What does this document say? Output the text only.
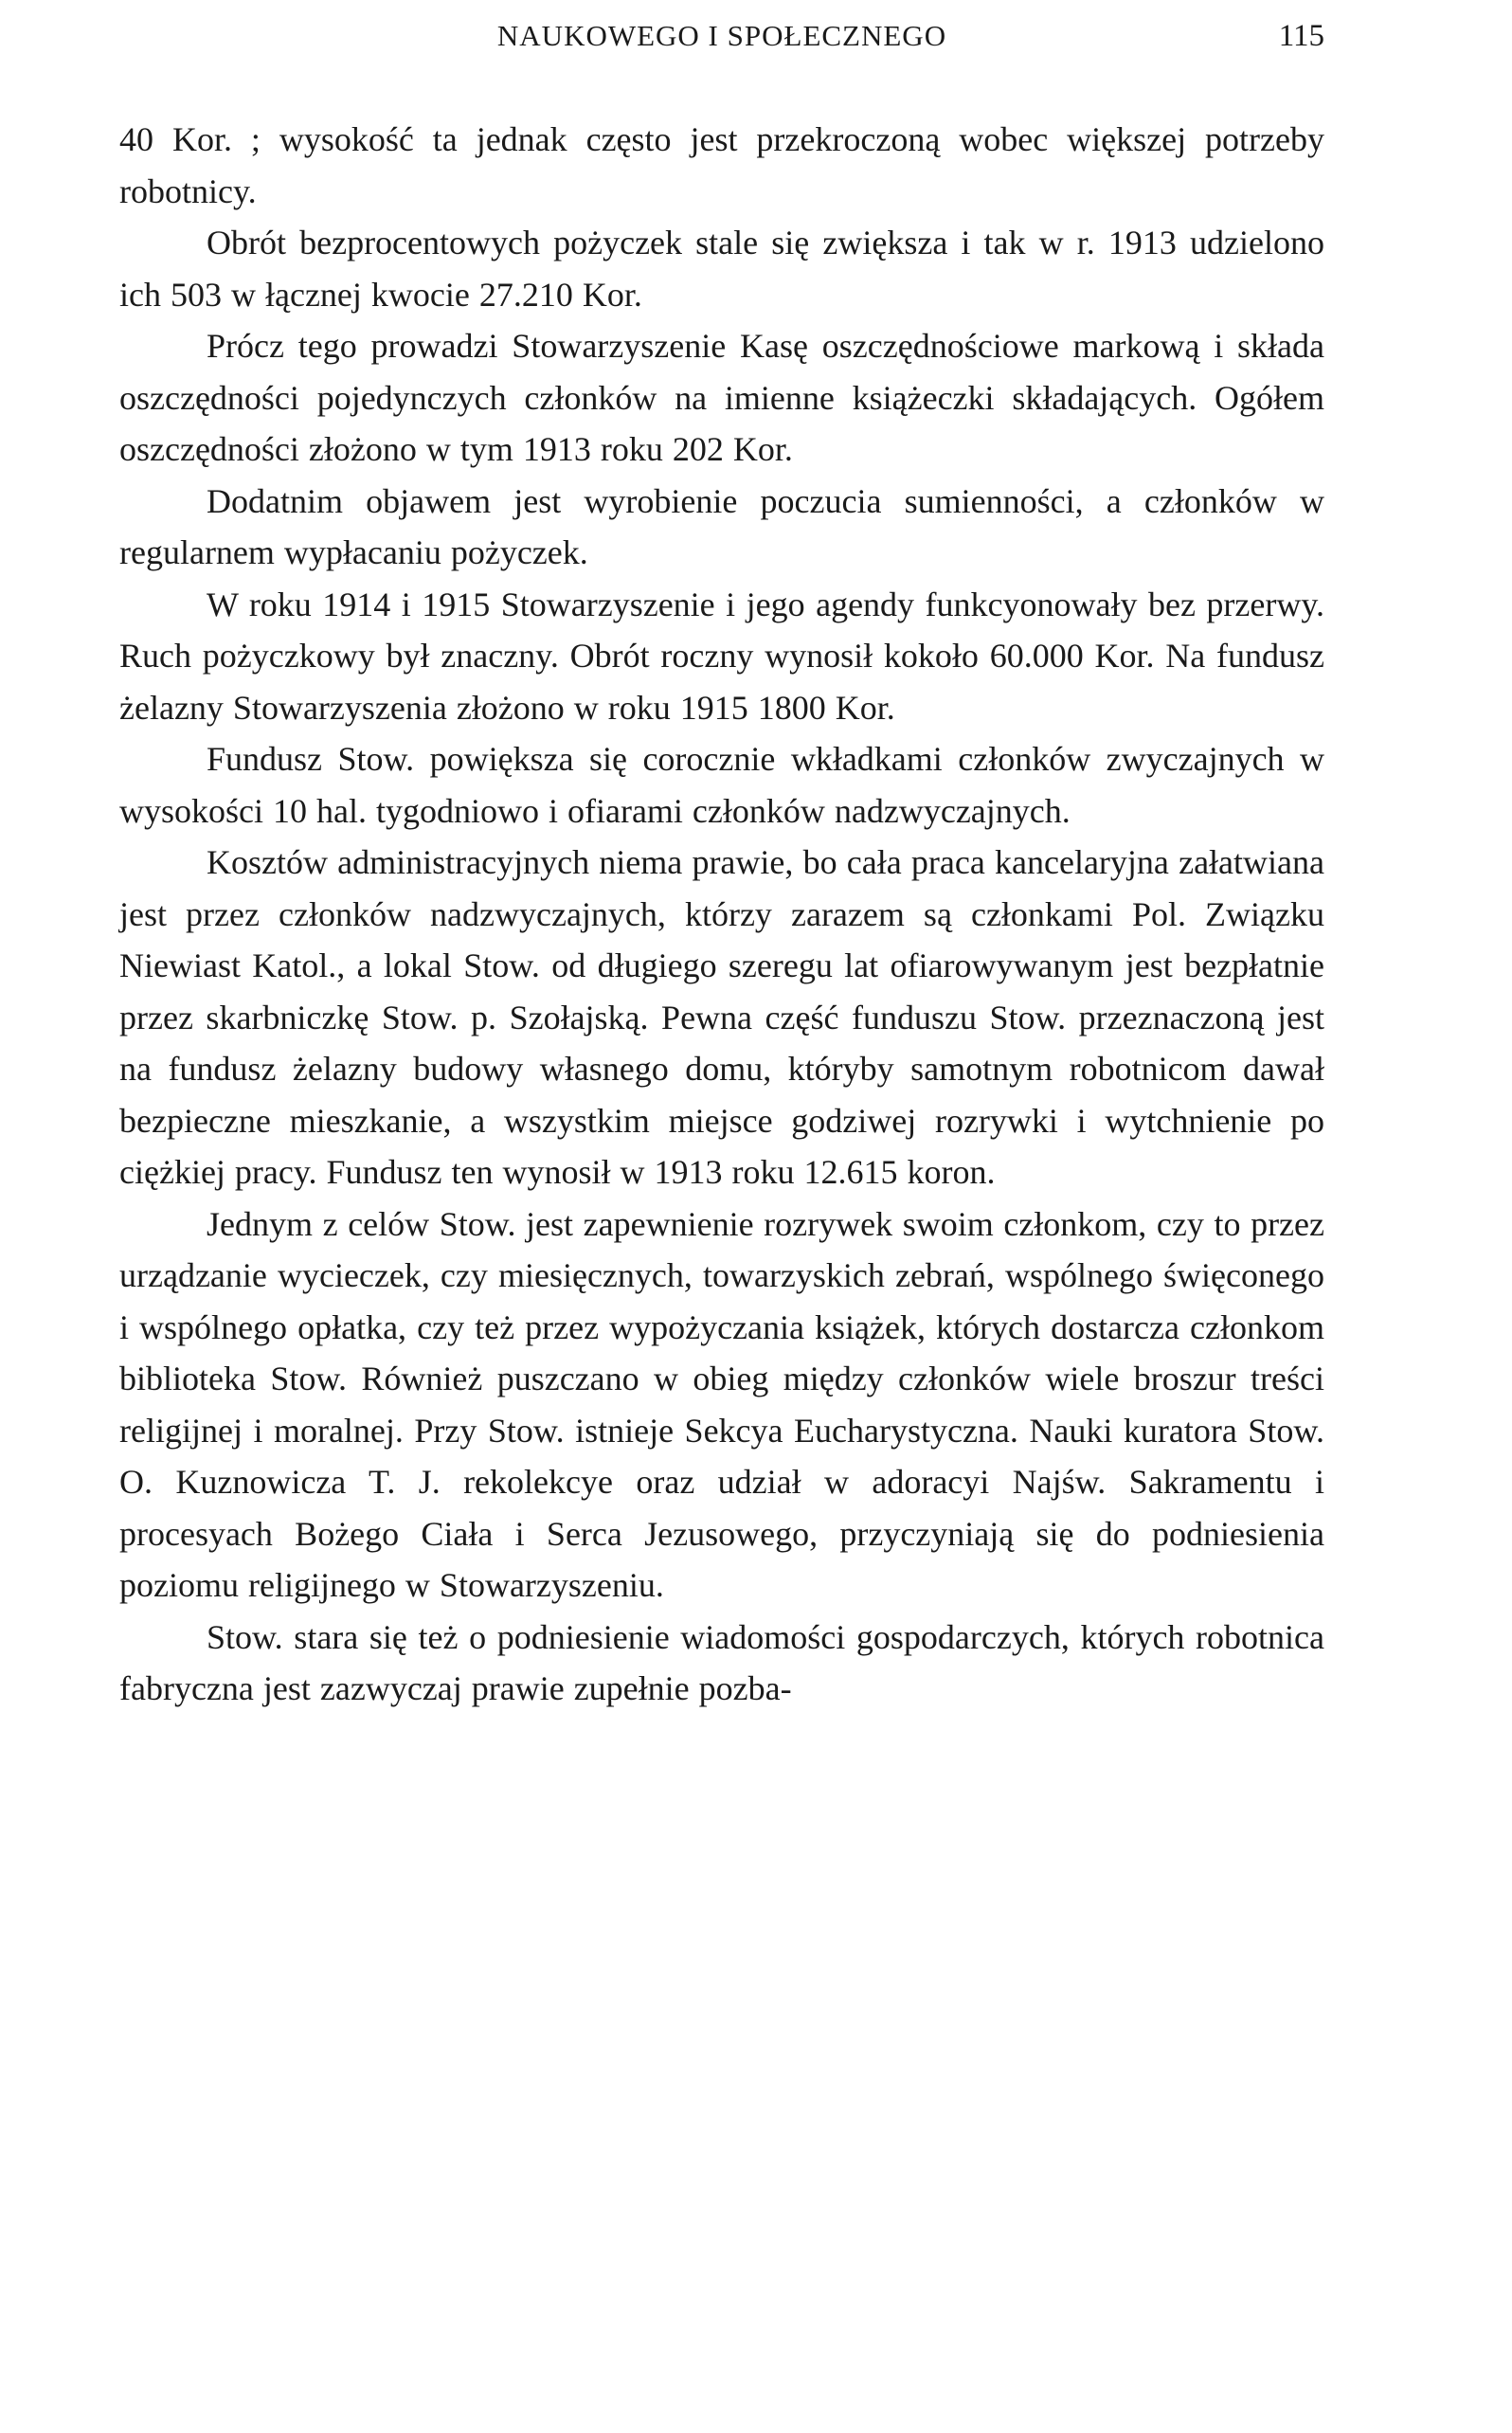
NAUKOWEGO I SPOŁECZNEGO	115

40 Kor. ; wysokość ta jednak często jest przekroczoną wobec większej potrzeby robotnicy.

Obrót bezprocentowych pożyczek stale się zwiększa i tak w r. 1913 udzielono ich 503 w łącznej kwocie 27.210 Kor.

Prócz tego prowadzi Stowarzyszenie Kasę oszczędnościowe markową i składa oszczędności pojedynczych członków na imienne książeczki składających. Ogółem oszczędności złożono w tym 1913 roku 202 Kor.

Dodatnim objawem jest wyrobienie poczucia sumienności, a członków w regularnem wypłacaniu pożyczek.

W roku 1914 i 1915 Stowarzyszenie i jego agendy funkcyonowały bez przerwy. Ruch pożyczkowy był znaczny. Obrót roczny wynosił kokoło 60.000 Kor. Na fundusz żelazny Stowarzyszenia złożono w roku 1915 1800 Kor.

Fundusz Stow. powiększa się corocznie wkładkami członków zwyczajnych w wysokości 10 hal. tygodniowo i ofiarami członków nadzwyczajnych.

Kosztów administracyjnych niema prawie, bo cała praca kancelaryjna załatwiana jest przez członków nadzwyczajnych, którzy zarazem są członkami Pol. Związku Niewiast Katol., a lokal Stow. od długiego szeregu lat ofiarowywanym jest bezpłatnie przez skarbniczkę Stow. p. Szołajską. Pewna część funduszu Stow. przeznaczoną jest na fundusz żelazny budowy własnego domu, któryby samotnym robotnicom dawał bezpieczne mieszkanie, a wszystkim miejsce godziwej rozrywki i wytchnienie po ciężkiej pracy. Fundusz ten wynosił w 1913 roku 12.615 koron.

Jednym z celów Stow. jest zapewnienie rozrywek swoim członkom, czy to przez urządzanie wycieczek, czy miesięcznych, towarzyskich zebrań, wspólnego święconego i wspólnego opłatka, czy też przez wypożyczania książek, których dostarcza członkom biblioteka Stow. Również puszczano w obieg między członków wiele broszur treści religijnej i moralnej. Przy Stow. istnieje Sekcya Eucharystyczna. Nauki kuratora Stow. O. Kuznowicza T. J. rekolekcye oraz udział w adoracyi Najśw. Sakramentu i procesyach Bożego Ciała i Serca Jezusowego, przyczyniają się do podniesienia poziomu religijnego w Stowarzyszeniu.

Stow. stara się też o podniesienie wiadomości gospodarczych, których robotnica fabryczna jest zazwyczaj prawie zupełnie pozba-
